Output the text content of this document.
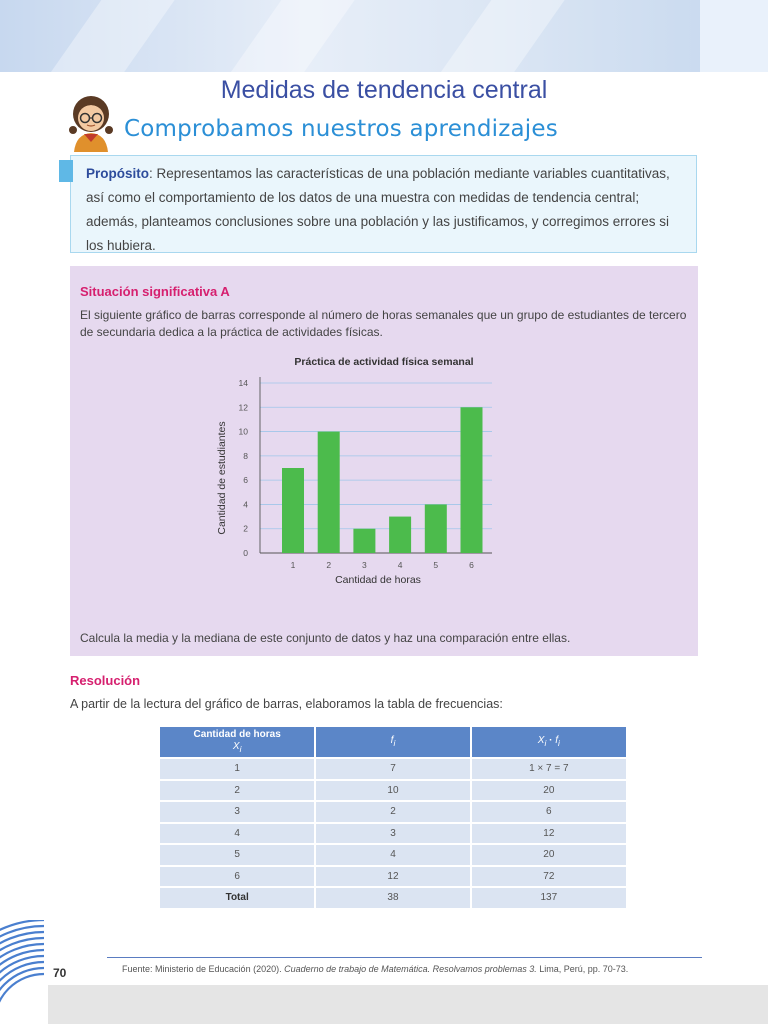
Medidas de tendencia central
Comprobamos nuestros aprendizajes
Propósito: Representamos las características de una población mediante variables cuantitativas, así como el comportamiento de los datos de una muestra con medidas de tendencia central; además, planteamos conclusiones sobre una población y las justificamos, y corregimos errores si los hubiera.
Situación significativa A
El siguiente gráfico de barras corresponde al número de horas semanales que un grupo de estudiantes de tercero de secundaria dedica a la práctica de actividades físicas.
Práctica de actividad física semanal
0
2
4
6
8
10
12
14
1	2	3	4	5	6
Cantidad de horas
Cantidad de estudiantes
Calcula la media y la mediana de este conjunto de datos y haz una comparación entre ellas.
Resolución
A partir de la lectura del gráfico de barras, elaboramos la tabla de frecuencias:
Cantidad de horas
$X_i$	$f_i$	$X_i \cdot f_i$
1	7	1 × 7 = 7
2	10	20
3	2	6
4	3	12
5	4	20
6	12	72
Total	38	137
70	Fuente: Ministerio de Educación (2020). Cuaderno de trabajo de Matemática. Resolvamos problemas 3. Lima, Perú, pp. 70-73.
